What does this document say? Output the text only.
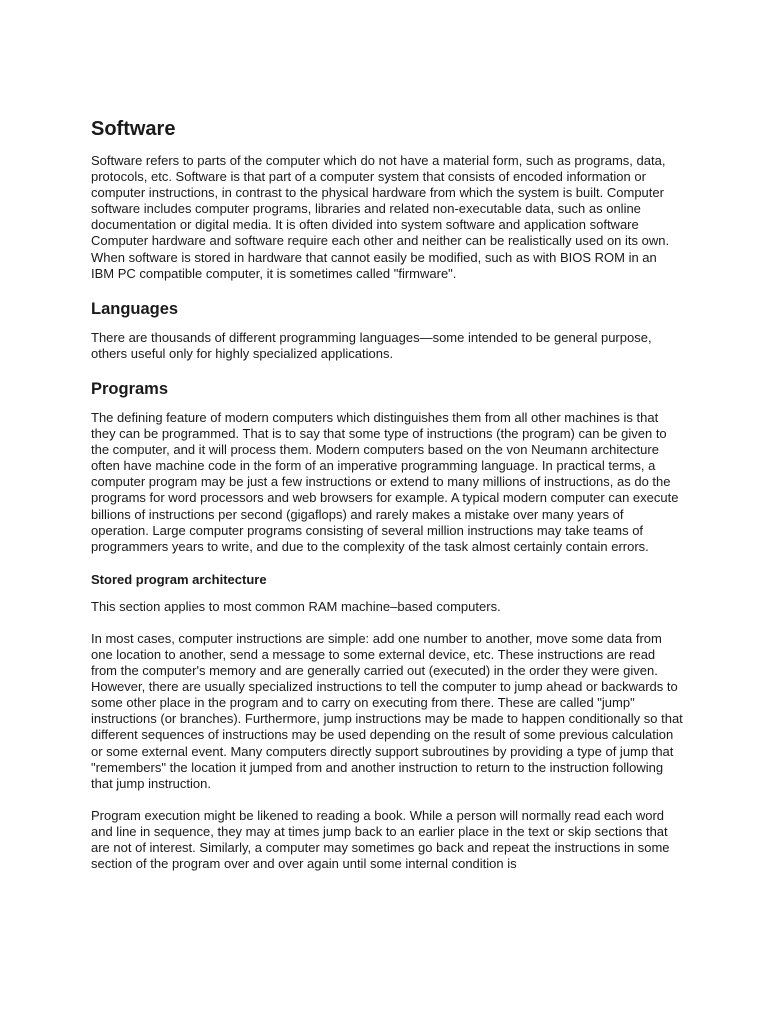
Software

Software refers to parts of the computer which do not have a material form, such as programs, data, protocols, etc. Software is that part of a computer system that consists of encoded information or computer instructions, in contrast to the physical hardware from which the system is built. Computer software includes computer programs, libraries and related non-executable data, such as online documentation or digital media. It is often divided into system software and application software Computer hardware and software require each other and neither can be realistically used on its own. When software is stored in hardware that cannot easily be modified, such as with BIOS ROM in an IBM PC compatible computer, it is sometimes called "firmware".

Languages

There are thousands of different programming languages—some intended to be general purpose, others useful only for highly specialized applications.

Programs

The defining feature of modern computers which distinguishes them from all other machines is that they can be programmed. That is to say that some type of instructions (the program) can be given to the computer, and it will process them. Modern computers based on the von Neumann architecture often have machine code in the form of an imperative programming language. In practical terms, a computer program may be just a few instructions or extend to many millions of instructions, as do the programs for word processors and web browsers for example. A typical modern computer can execute billions of instructions per second (gigaflops) and rarely makes a mistake over many years of operation. Large computer programs consisting of several million instructions may take teams of programmers years to write, and due to the complexity of the task almost certainly contain errors.

Stored program architecture

This section applies to most common RAM machine–based computers.

In most cases, computer instructions are simple: add one number to another, move some data from one location to another, send a message to some external device, etc. These instructions are read from the computer's memory and are generally carried out (executed) in the order they were given. However, there are usually specialized instructions to tell the computer to jump ahead or backwards to some other place in the program and to carry on executing from there. These are called "jump" instructions (or branches). Furthermore, jump instructions may be made to happen conditionally so that different sequences of instructions may be used depending on the result of some previous calculation or some external event. Many computers directly support subroutines by providing a type of jump that "remembers" the location it jumped from and another instruction to return to the instruction following that jump instruction.

Program execution might be likened to reading a book. While a person will normally read each word and line in sequence, they may at times jump back to an earlier place in the text or skip sections that are not of interest. Similarly, a computer may sometimes go back and repeat the instructions in some section of the program over and over again until some internal condition is
